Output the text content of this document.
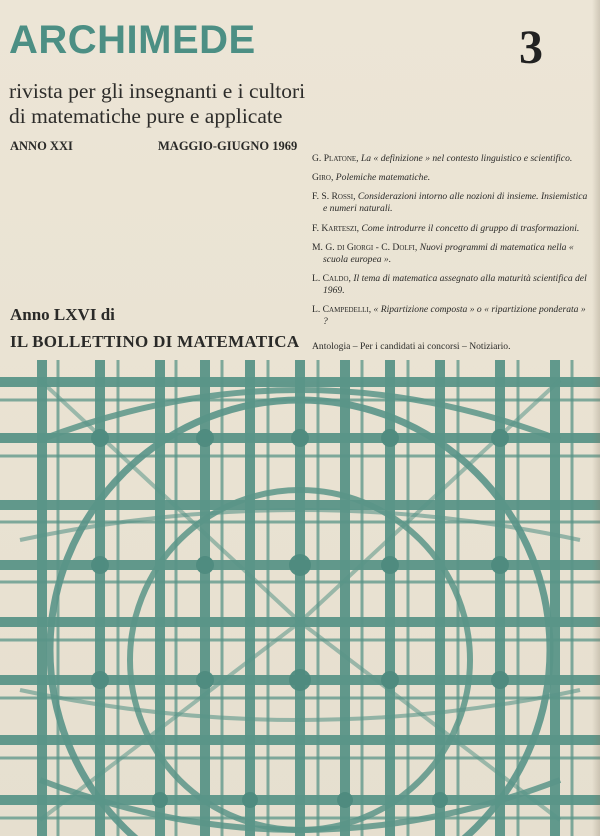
ARCHIMEDE	3
rivista per gli insegnanti e i cultori
di matematiche pure e applicate
ANNO XXI	MAGGIO-GIUGNO 1969
Anno LXVI di
IL BOLLETTINO DI MATEMATICA
G. Platone, La « definizione » nel contesto linguistico e scientifico.
Giro, Polemiche matematiche.
F. S. Rossi, Considerazioni intorno alle nozioni di insieme. Insiemistica e numeri naturali.
F. Karteszi, Come introdurre il concetto di gruppo di trasformazioni.
M. G. di Giorgi - C. Dolfi, Nuovi programmi di matematica nella « scuola europea ».
L. Caldo, Il tema di matematica assegnato alla maturità scientifica del 1969.
L. Campedelli, « Ripartizione composta » o « ripartizione ponderata » ?
Antologia – Per i candidati ai concorsi – Notiziario.
